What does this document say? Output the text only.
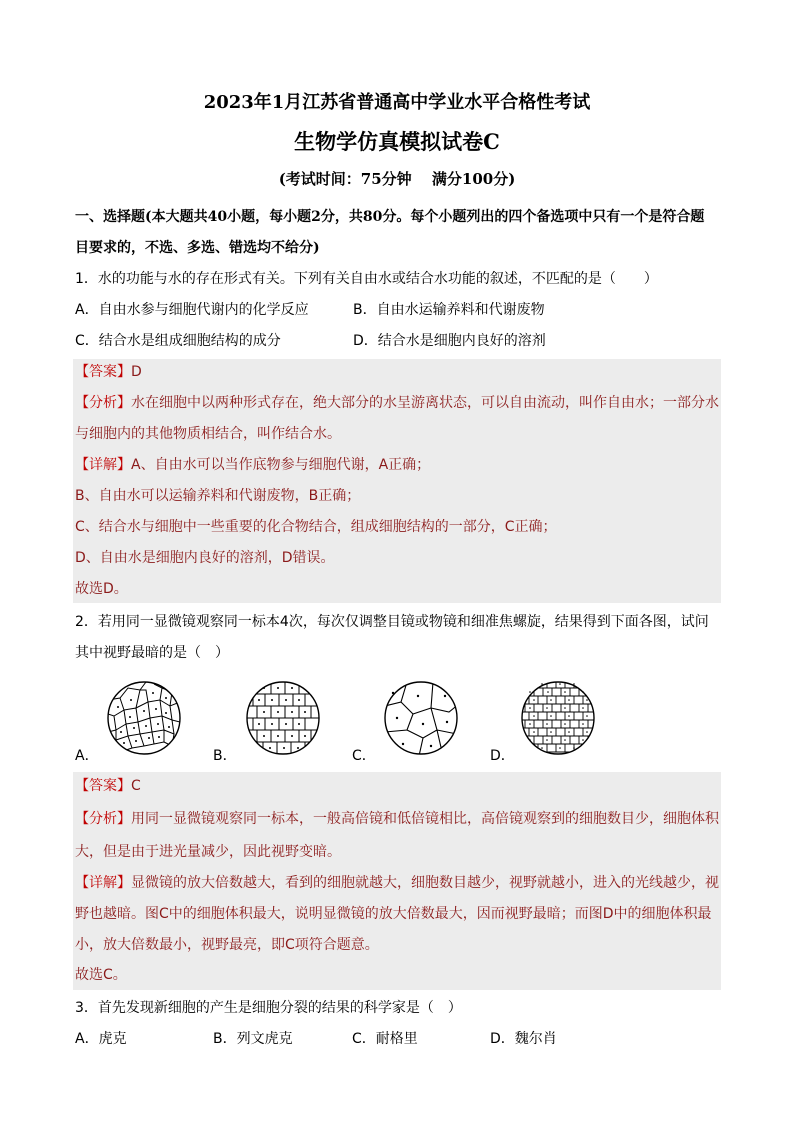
2023年1月江苏省普通高中学业水平合格性考试
生物学仿真模拟试卷C
(考试时间：75分钟　 满分100分)
一、选择题(本大题共40小题，每小题2分，共80分。每个小题列出的四个备选项中只有一个是符合题
目要求的，不选、多选、错选均不给分)
1．水的功能与水的存在形式有关。下列有关自由水或结合水功能的叙述，不匹配的是（　　）
A．自由水参与细胞代谢内的化学反应	B．自由水运输养料和代谢废物
C．结合水是组成细胞结构的成分	D．结合水是细胞内良好的溶剂
【答案】D
【分析】水在细胞中以两种形式存在，绝大部分的水呈游离状态，可以自由流动，叫作自由水；一部分水
与细胞内的其他物质相结合，叫作结合水。
【详解】A、自由水可以当作底物参与细胞代谢，A正确；
B、自由水可以运输养料和代谢废物，B正确；
C、结合水与细胞中一些重要的化合物结合，组成细胞结构的一部分，C正确；
D、自由水是细胞内良好的溶剂，D错误。
故选D。
2．若用同一显微镜观察同一标本4次，每次仅调整目镜或物镜和细准焦螺旋，结果得到下面各图，试问
其中视野最暗的是（　）
A．	B．	C．	D．
【答案】C
【分析】用同一显微镜观察同一标本，一般高倍镜和低倍镜相比，高倍镜观察到的细胞数目少，细胞体积
大，但是由于进光量减少，因此视野变暗。
【详解】显微镜的放大倍数越大，看到的细胞就越大，细胞数目越少，视野就越小，进入的光线越少，视
野也越暗。图C中的细胞体积最大，说明显微镜的放大倍数最大，因而视野最暗；而图D中的细胞体积最
小，放大倍数最小，视野最亮，即C项符合题意。
故选C。
3．首先发现新细胞的产生是细胞分裂的结果的科学家是（　）
A．虎克	B．列文虎克	C．耐格里	D．魏尔肖
